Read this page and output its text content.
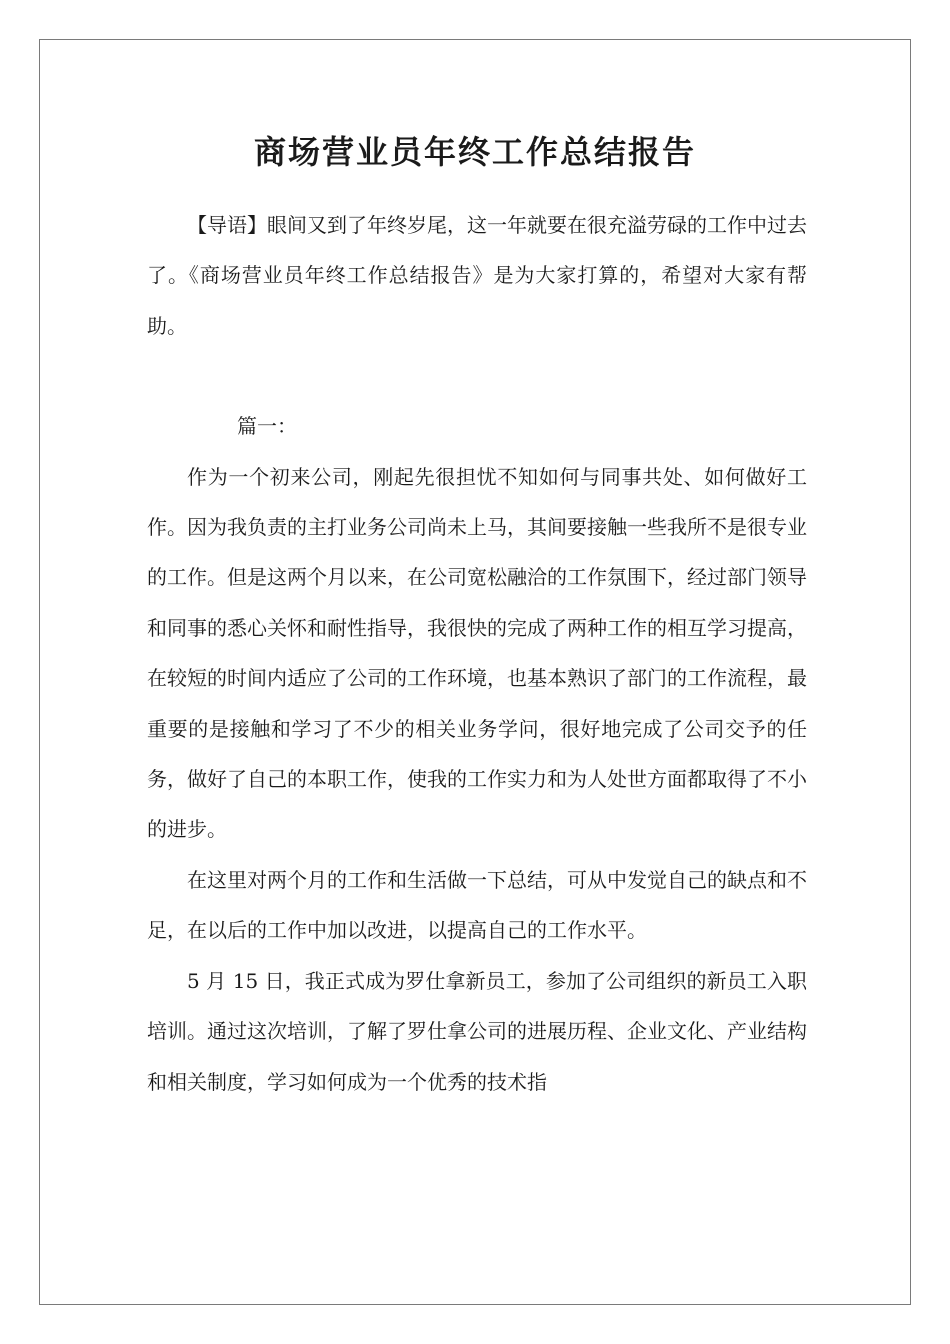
商场营业员年终工作总结报告

【导语】眼间又到了年终岁尾，这一年就要在很充溢劳碌的工作中过去了。《商场营业员年终工作总结报告》是为大家打算的，希望对大家有帮助。

篇一：

作为一个初来公司，刚起先很担忧不知如何与同事共处、如何做好工作。因为我负责的主打业务公司尚未上马，其间要接触一些我所不是很专业的工作。但是这两个月以来，在公司宽松融洽的工作氛围下，经过部门领导和同事的悉心关怀和耐性指导，我很快的完成了两种工作的相互学习提高，在较短的时间内适应了公司的工作环境，也基本熟识了部门的工作流程，最重要的是接触和学习了不少的相关业务学问，很好地完成了公司交予的任务，做好了自己的本职工作，使我的工作实力和为人处世方面都取得了不小的进步。

在这里对两个月的工作和生活做一下总结，可从中发觉自己的缺点和不足，在以后的工作中加以改进，以提高自己的工作水平。

5 月 15 日，我正式成为罗仕拿新员工，参加了公司组织的新员工入职培训。通过这次培训，了解了罗仕拿公司的进展历程、企业文化、产业结构和相关制度，学习如何成为一个优秀的技术指
